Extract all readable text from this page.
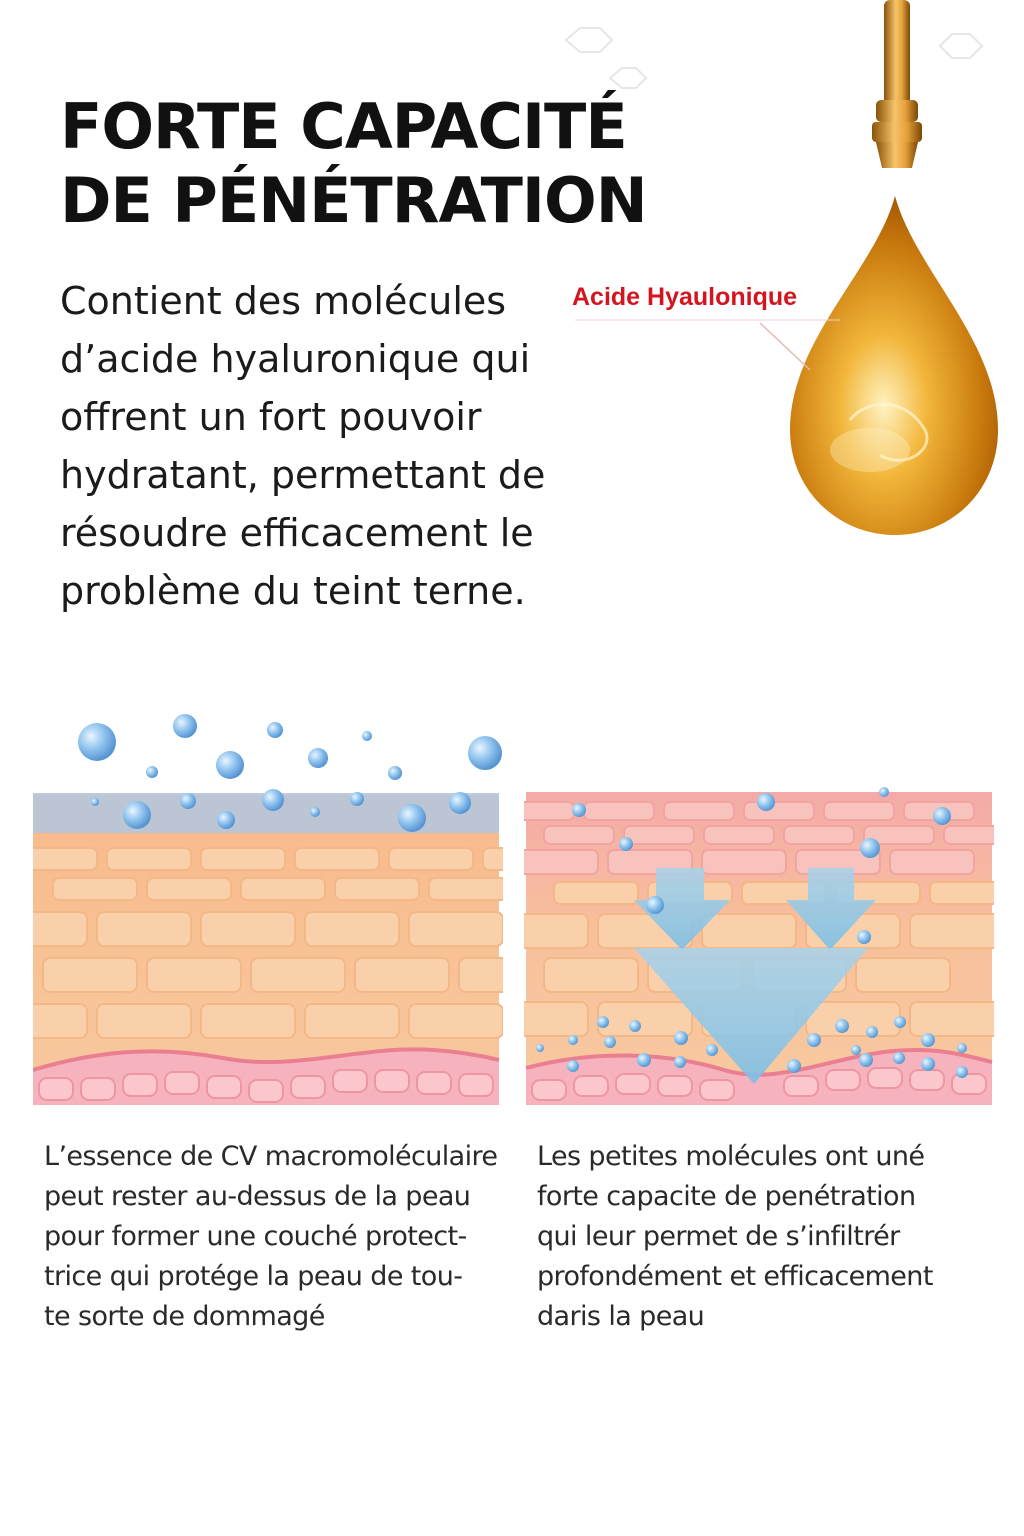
FORTE CAPACITÉ
DE PÉNÉTRATION

Contient des molécules
d’acide hyaluronique qui
offrent un fort pouvoir
hydratant, permettant de
résoudre efficacement le
problème du teint terne.

Acide Hyaulonique
L’essence de CV macromoléculaire
peut rester au-dessus de la peau
pour former une couché protect-
trice qui protége la peau de tou-
te sorte de dommagé
Les petites molécules ont uné
forte capacite de penétration
qui leur permet de s’infiltrér
profondément et efficacement
daris la peau
